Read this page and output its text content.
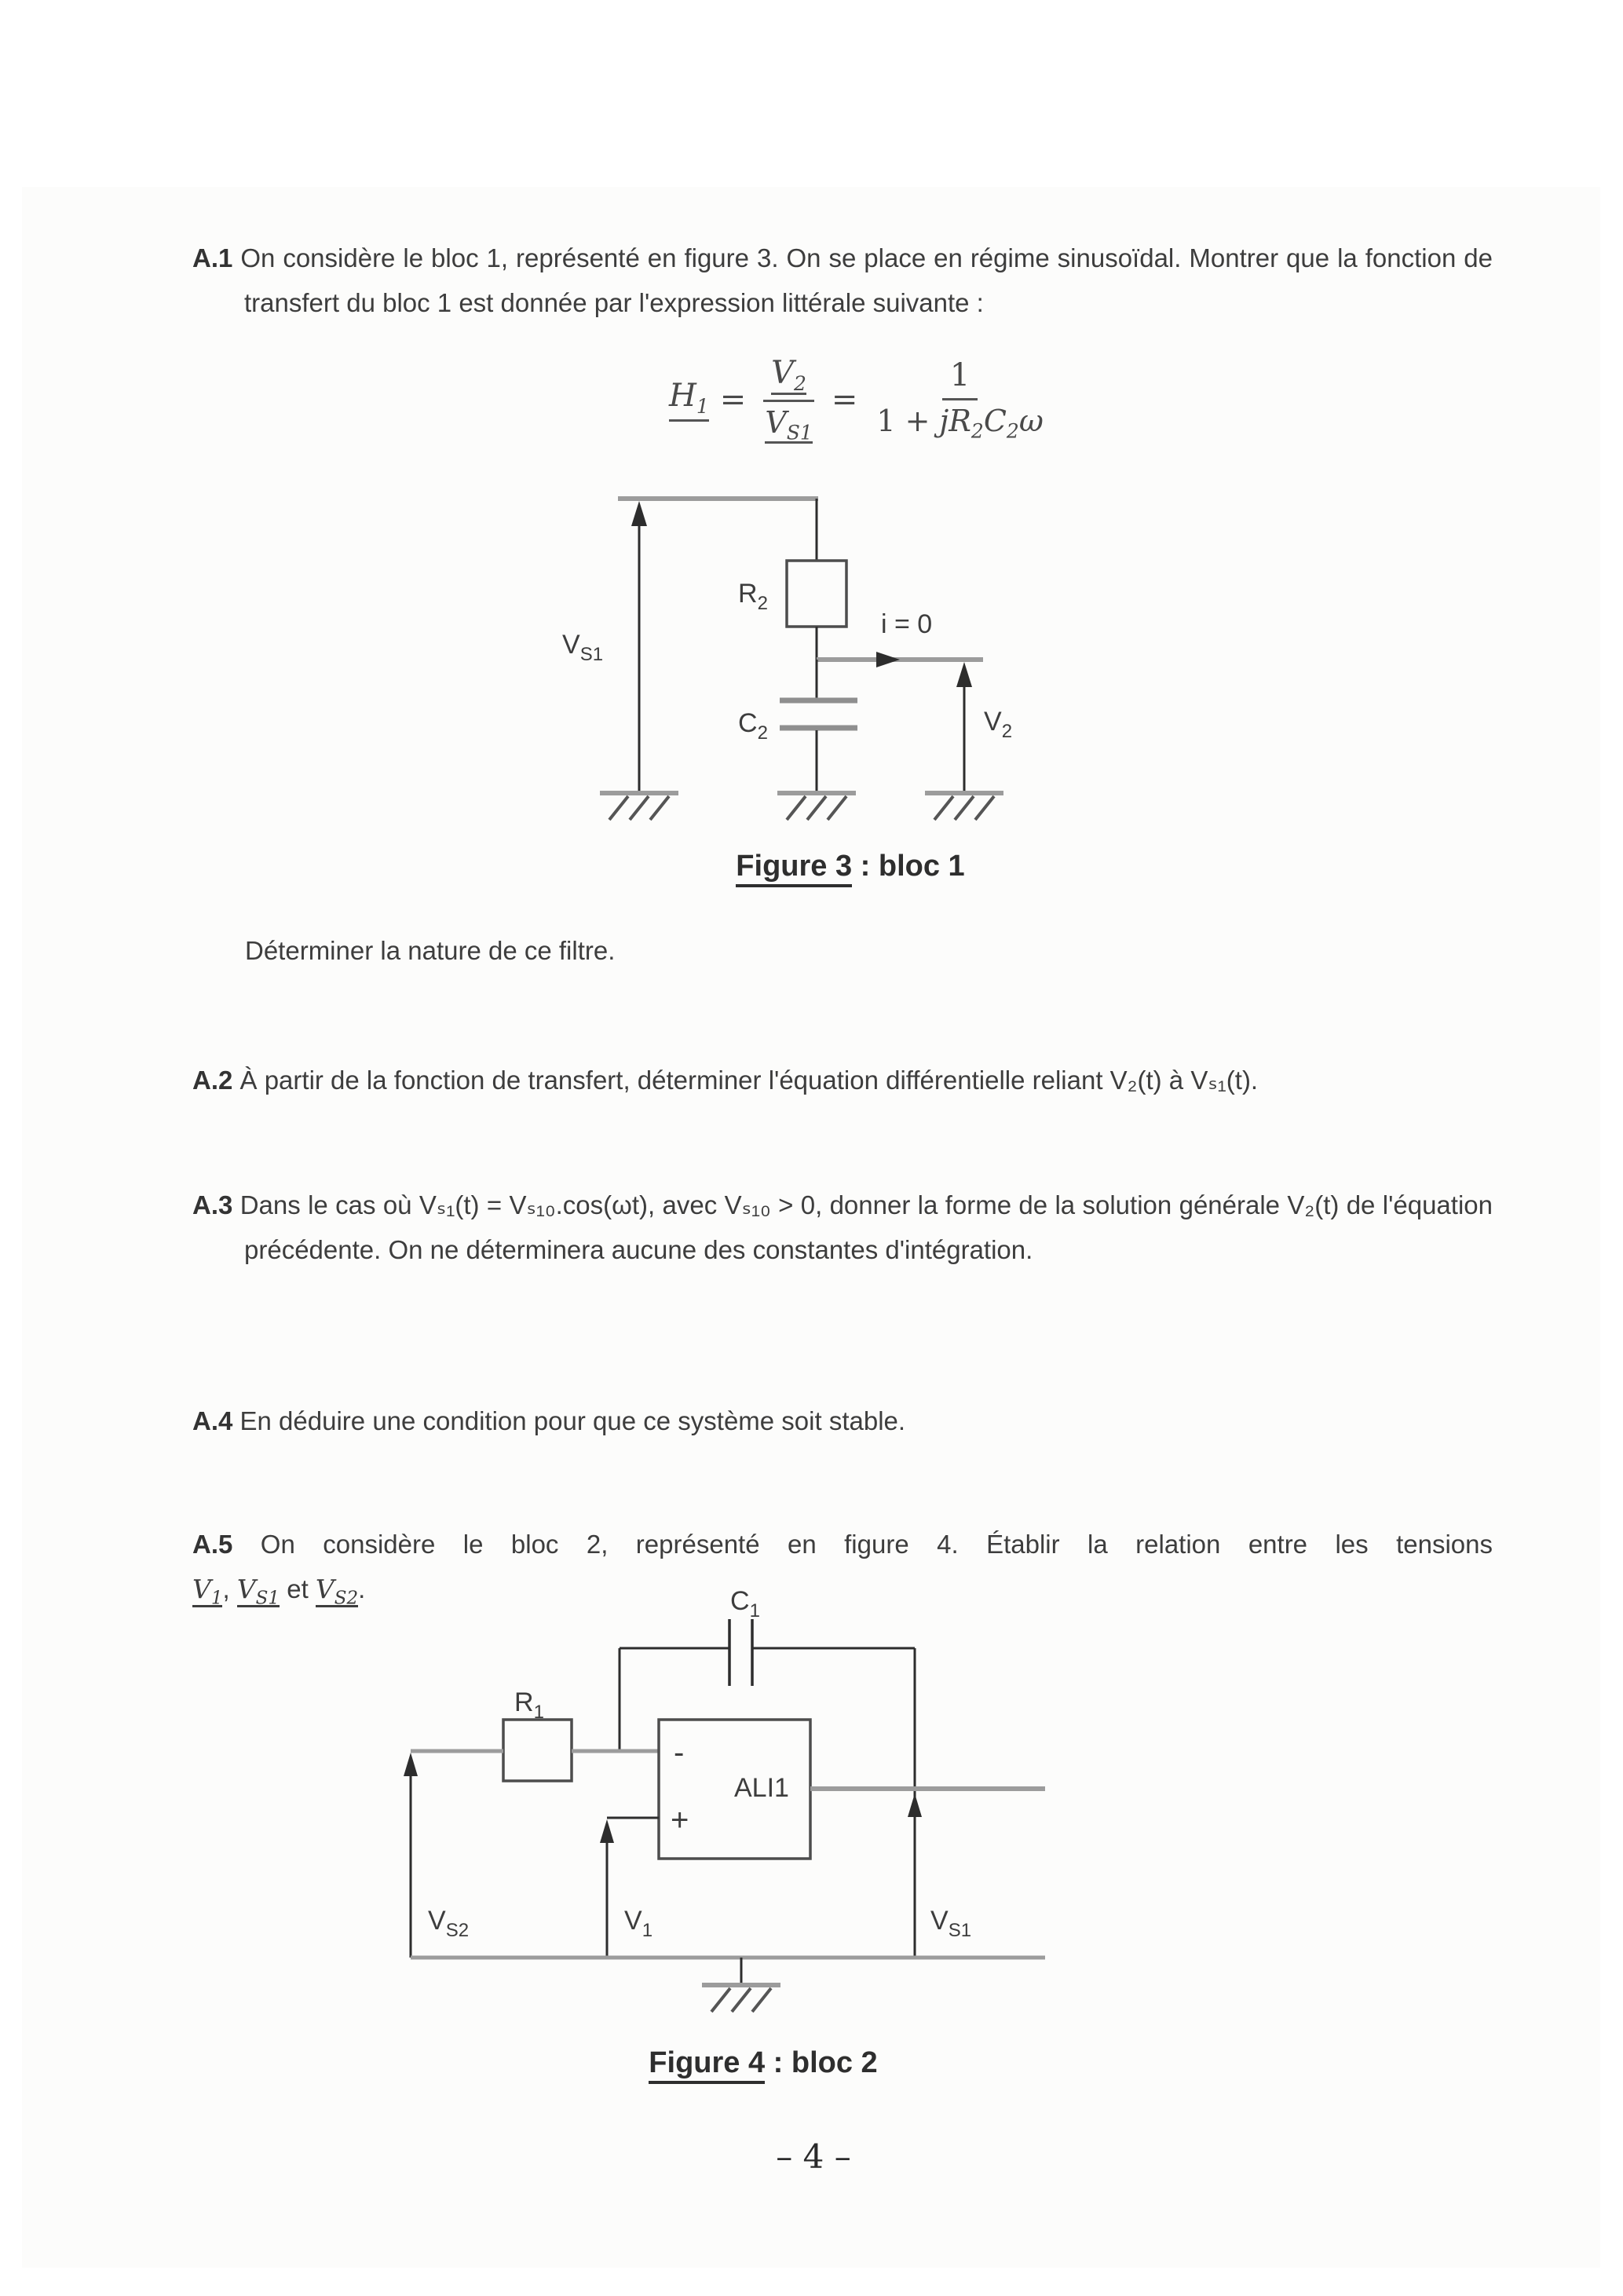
A.1 On considère le bloc 1, représenté en figure 3. On se place en régime sinusoïdal. Montrer que la fonction de transfert du bloc 1 est donnée par l'expression littérale suivante :
$H_1 = \frac{V_2}{V_{S1}} = \frac{1}{1 + jR_2C_2\omega}$
$V_{S1}$
$R_2$
i = 0
$C_2$	$V_2$
Figure 3 : bloc 1
Déterminer la nature de ce filtre.
A.2 À partir de la fonction de transfert, déterminer l'équation différentielle reliant V₂(t) à Vₛ₁(t).
A.3 Dans le cas où Vₛ₁(t) = Vₛ₁₀.cos(ωt), avec Vₛ₁₀ > 0, donner la forme de la solution générale V₂(t) de l'équation précédente. On ne déterminera aucune des constantes d'intégration.
A.4 En déduire une condition pour que ce système soit stable.
A.5 On considère le bloc 2, représenté en figure 4. Établir la relation entre les tensions
$V_1$, $V_{S1}$ et $V_{S2}$.	$C_1$
$R_1$
-
+
ALI1
$V_{S2}$	$V_1$	$V_{S1}$
Figure 4 : bloc 2
– 4 –
